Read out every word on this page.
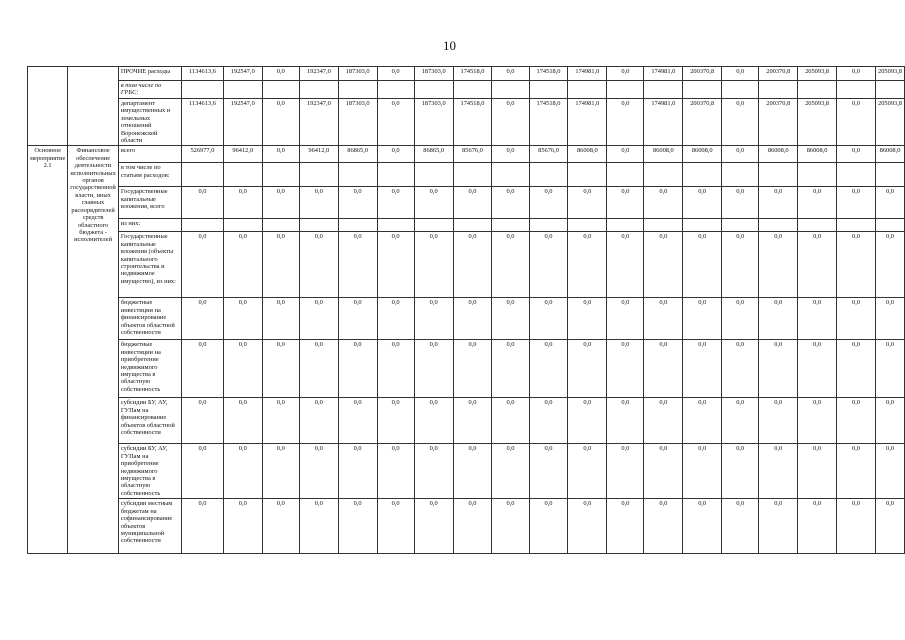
10
		ПРОЧИЕ расходы	1134613,6	192547,0	0,0	192347,0	187303,0	0,0	187303,0	174518,0	0,0	174518,0	174981,0	0,0	174981,0	200370,8	0,0	200370,8	205093,8	0,0	205093,8
		в том числе по ГРБС:																			
		департамент имущественных и земельных отношений Воронежской области	1134613,6	192547,0	0,0	192347,0	187303,0	0,0	187303,0	174518,0	0,0	174518,0	174981,0	0,0	174981,0	200370,8	0,0	200370,8	205093,8	0,0	205093,8
Основное мероприятие 2.1	Финансовое обеспечение деятельности исполнительных органов государственной власти, иных главных распорядителей средств областного бюджета - исполнителей	всего	526977,0	96412,0	0,0	96412,0	86865,0	0,0	86865,0	85676,0	0,0	85676,0	86008,0	0,0	86008,0	86008,0	0,0	86008,0	86008,0	0,0	86008,0
		в том числе по статьям расходов:																			
		Государственные капитальные вложения, всего	0,0	0,0	0,0	0,0	0,0	0,0	0,0	0,0	0,0	0,0	0,0	0,0	0,0	0,0	0,0	0,0	0,0	0,0	0,0
		из них:																			
		Государственные капитальные вложения (объекты капитального строительства и недвижимое имущество), из них:	0,0	0,0	0,0	0,0	0,0	0,0	0,0	0,0	0,0	0,0	0,0	0,0	0,0	0,0	0,0	0,0	0,0	0,0	0,0
		бюджетные инвестиции на финансирование объектов областной собственности	0,0	0,0	0,0	0,0	0,0	0,0	0,0	0,0	0,0	0,0	0,0	0,0	0,0	0,0	0,0	0,0	0,0	0,0	0,0
		бюджетные инвестиции на приобретение недвижимого имущества в областную собственность	0,0	0,0	0,0	0,0	0,0	0,0	0,0	0,0	0,0	0,0	0,0	0,0	0,0	0,0	0,0	0,0	0,0	0,0	0,0
		субсидии БУ, АУ, ГУПам на финансирование объектов областной собственности	0,0	0,0	0,0	0,0	0,0	0,0	0,0	0,0	0,0	0,0	0,0	0,0	0,0	0,0	0,0	0,0	0,0	0,0	0,0
		субсидии БУ, АУ, ГУПам на приобретение недвижимого имущества в областную собственность	0,0	0,0	0,0	0,0	0,0	0,0	0,0	0,0	0,0	0,0	0,0	0,0	0,0	0,0	0,0	0,0	0,0	0,0	0,0
		субсидии местным бюджетам на софинансирование объектов муниципальной собственности	0,0	0,0	0,0	0,0	0,0	0,0	0,0	0,0	0,0	0,0	0,0	0,0	0,0	0,0	0,0	0,0	0,0	0,0	0,0
